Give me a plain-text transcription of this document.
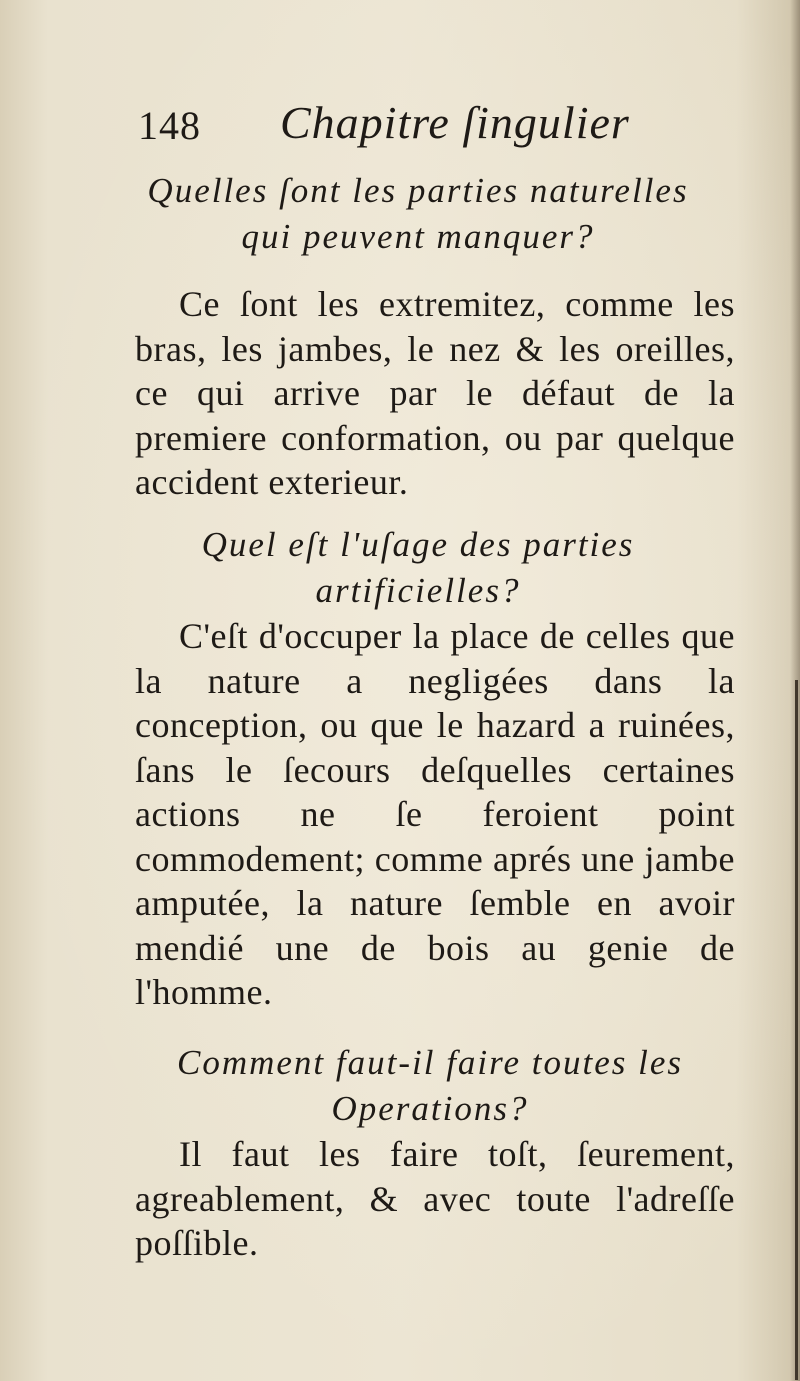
148 Chapitre ſingulier
Quelles ſont les parties naturelles qui peuvent manquer?
Ce ſont les extremitez, comme les bras, les jambes, le nez & les oreilles, ce qui arrive par le défaut de la premiere conformation, ou par quelque accident exterieur.
Quel eſt l'uſage des parties artificielles?
C'eſt d'occuper la place de celles que la nature a negligées dans la conception, ou que le hazard a ruinées, ſans le ſecours deſquelles certaines actions ne ſe feroient point commodement; comme aprés une jambe amputée, la nature ſemble en avoir mendié une de bois au genie de l'homme.
Comment faut-il faire toutes les Operations?
Il faut les faire toſt, ſeurement, agreablement, & avec toute l'adreſſe poſſible.
